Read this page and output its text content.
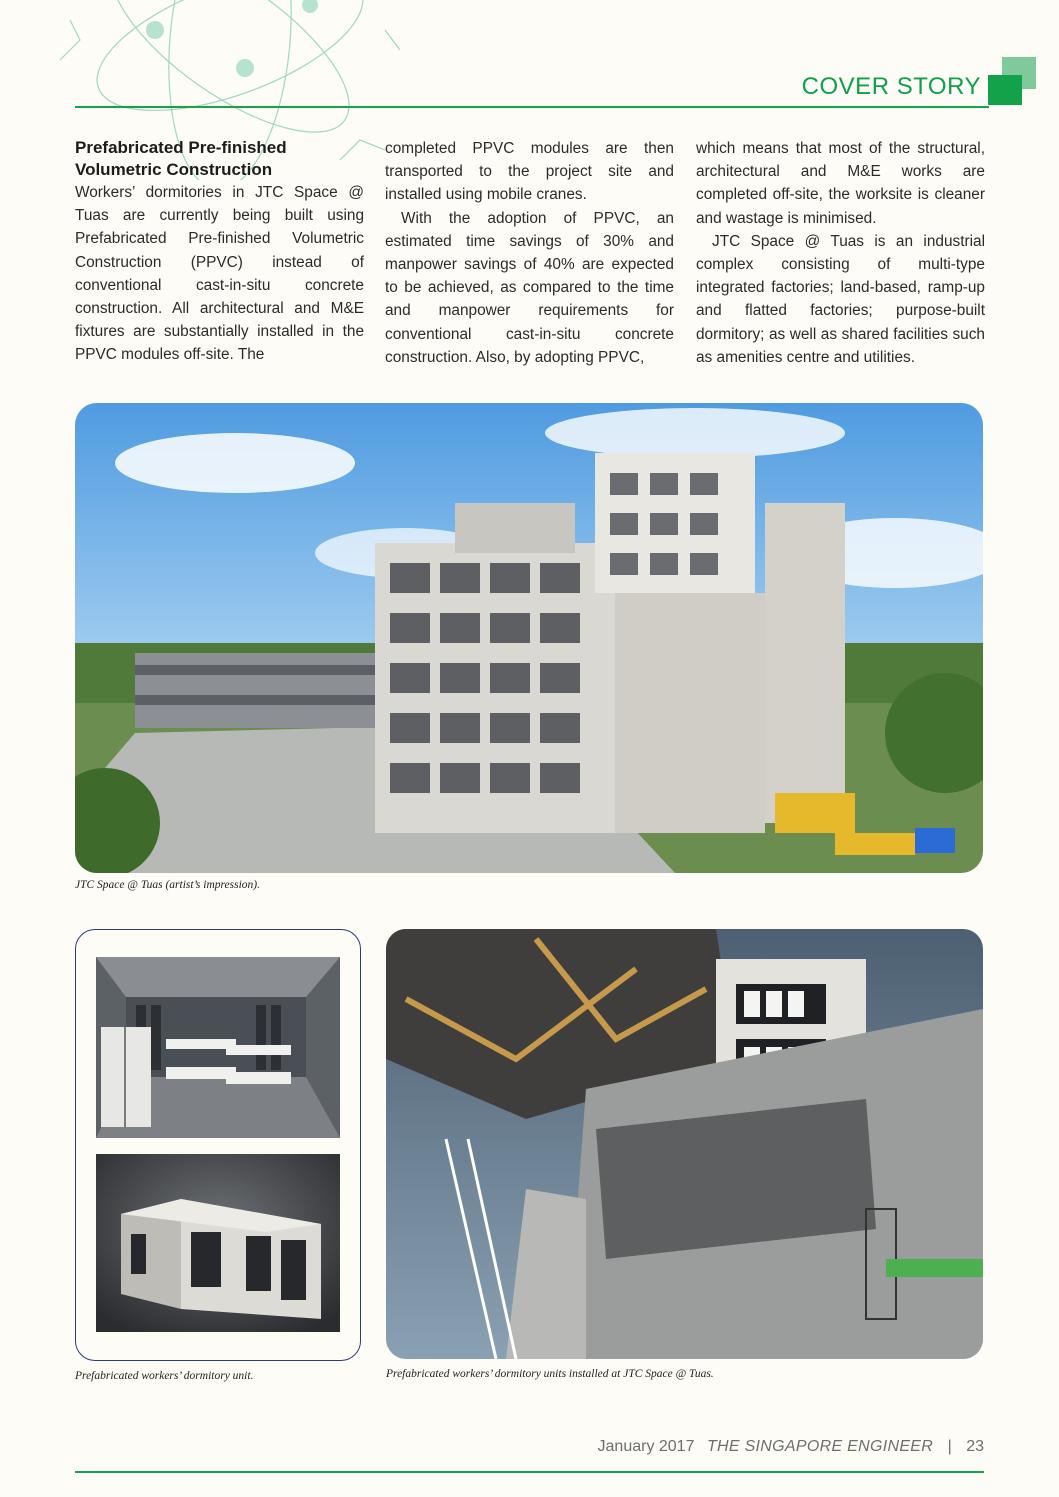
COVER STORY

Prefabricated Pre-finished Volumetric Construction

Workers’ dormitories in JTC Space @ Tuas are currently being built using Prefabricated Pre-finished Volumetric Construction (PPVC) instead of conventional cast-in-situ concrete construction. All architectural and M&E fixtures are substantially installed in the PPVC modules off-site. The

completed PPVC modules are then transported to the project site and installed using mobile cranes.

With the adoption of PPVC, an estimated time savings of 30% and manpower savings of 40% are expected to be achieved, as compared to the time and manpower requirements for conventional cast-in-situ concrete construction. Also, by adopting PPVC,

which means that most of the structural, architectural and M&E works are completed off-site, the worksite is cleaner and wastage is minimised.

JTC Space @ Tuas is an industrial complex consisting of multi-type integrated factories; land-based, ramp-up and flatted factories; purpose-built dormitory; as well as shared facilities such as amenities centre and utilities.

JTC Space @ Tuas (artist’s impression).
Prefabricated workers’ dormitory unit.	Prefabricated workers’ dormitory units installed at JTC Space @ Tuas.
January 2017 THE SINGAPORE ENGINEER | 23
